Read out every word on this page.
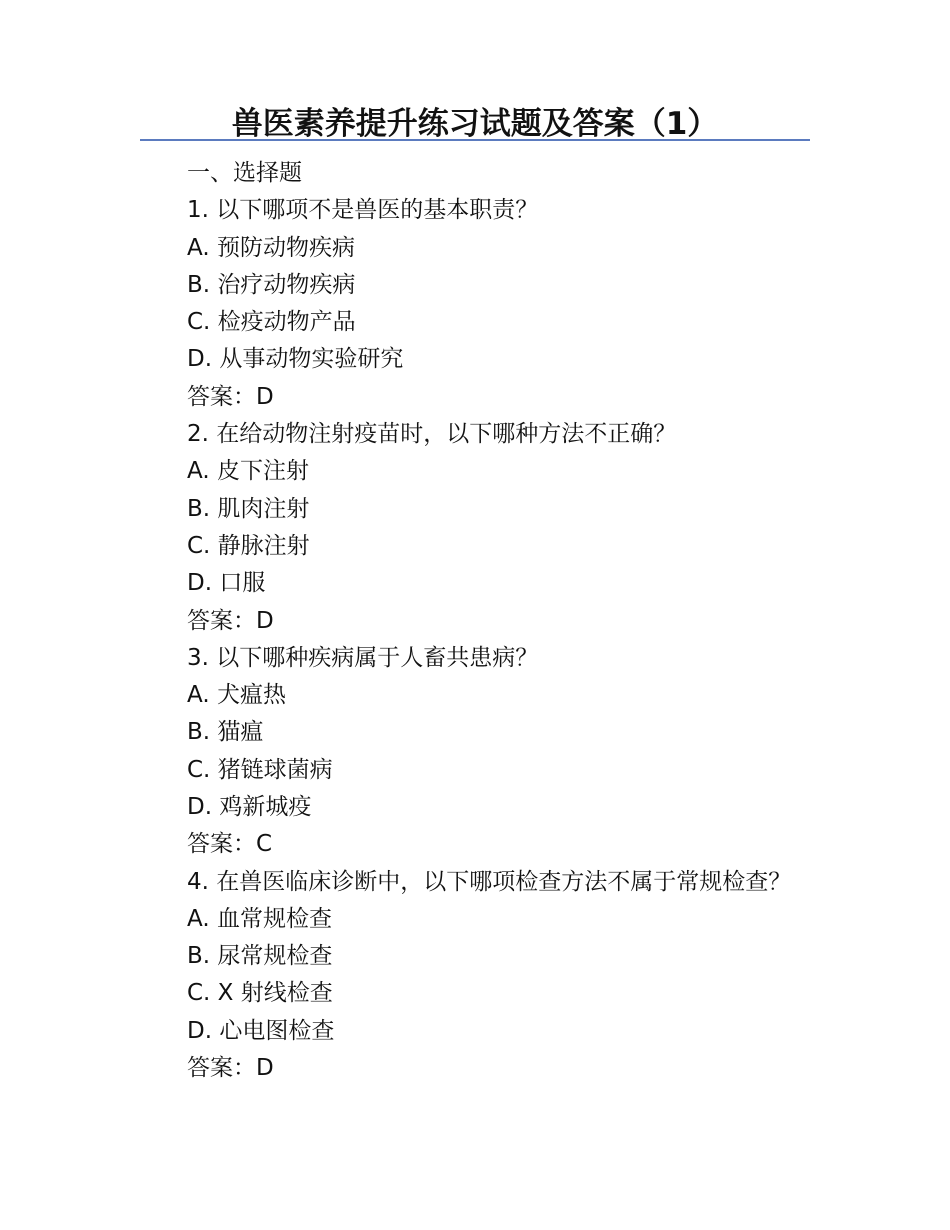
兽医素养提升练习试题及答案（1）
一、选择题
1. 以下哪项不是兽医的基本职责？
A. 预防动物疾病
B. 治疗动物疾病
C. 检疫动物产品
D. 从事动物实验研究
答案：D
2. 在给动物注射疫苗时，以下哪种方法不正确？
A. 皮下注射
B. 肌肉注射
C. 静脉注射
D. 口服
答案：D
3. 以下哪种疾病属于人畜共患病？
A. 犬瘟热
B. 猫瘟
C. 猪链球菌病
D. 鸡新城疫
答案：C
4. 在兽医临床诊断中，以下哪项检查方法不属于常规检查？
A. 血常规检查
B. 尿常规检查
C. X 射线检查
D. 心电图检查
答案：D
